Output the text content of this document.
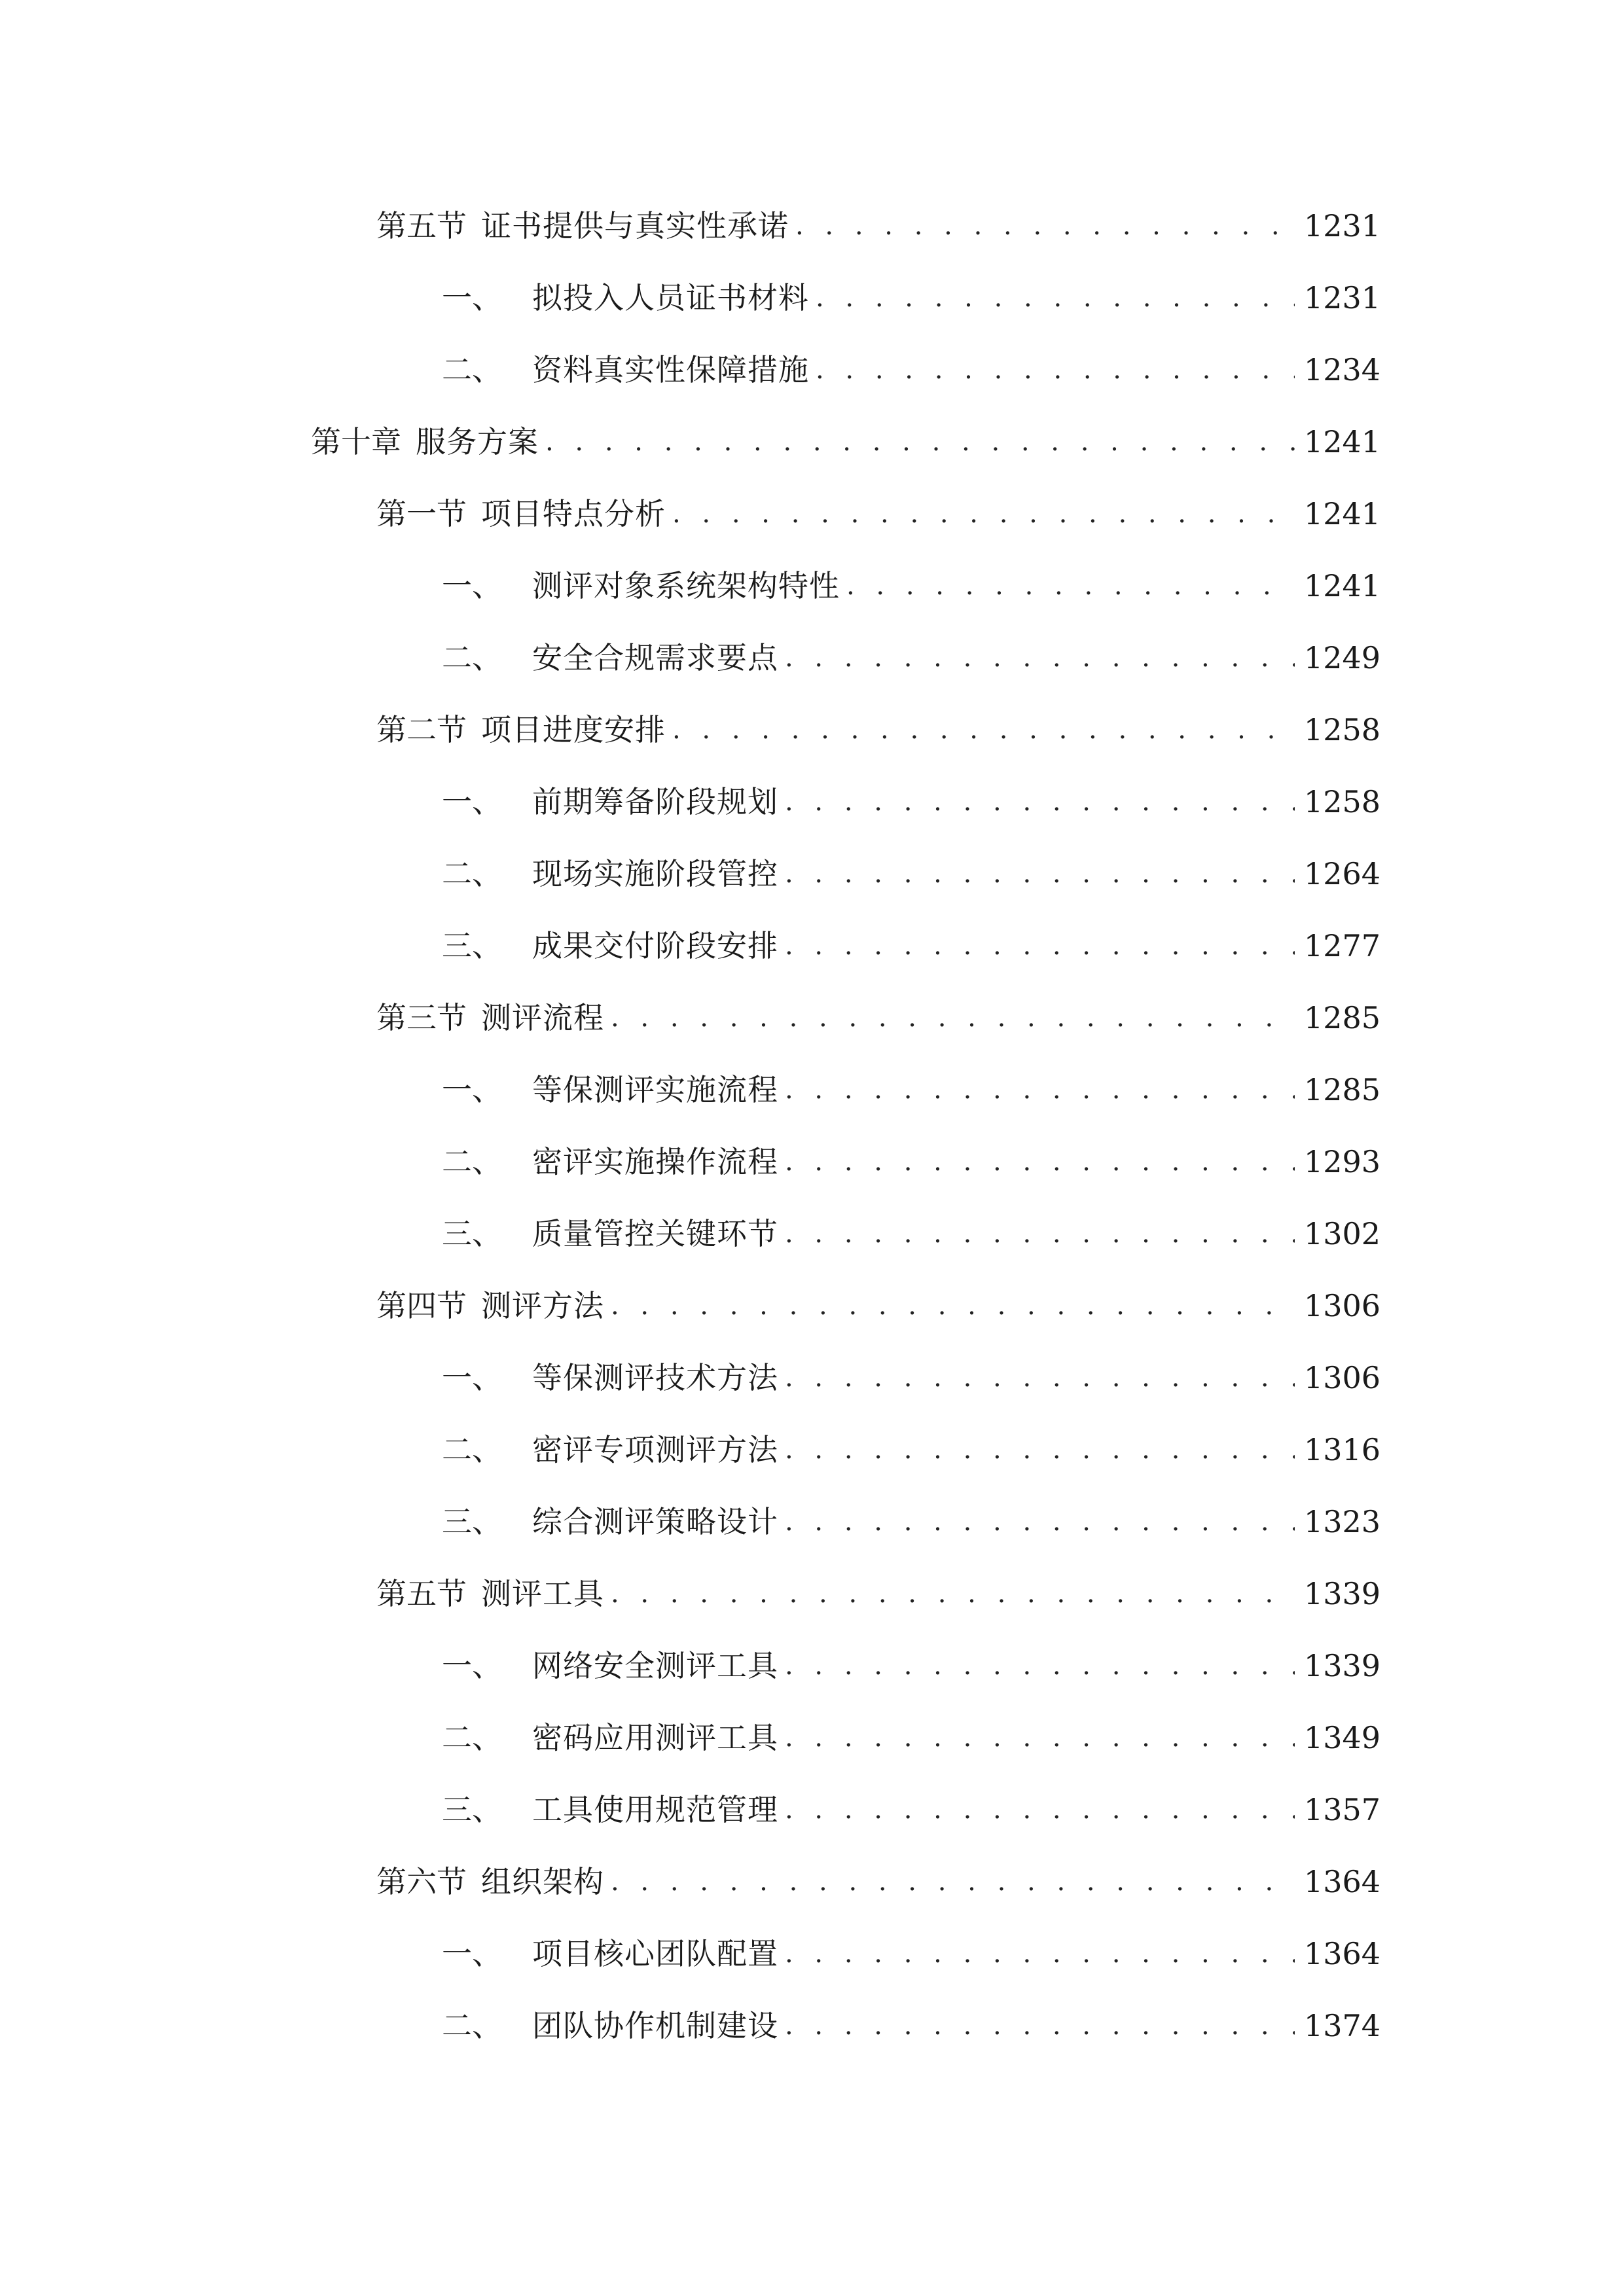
第五节 证书提供与真实性承诺 . . .	1231
一、 拟投入人员证书材料 . . .	1231
二、 资料真实性保障措施 . . .	1234
第十章 服务方案 . . .	1241
第一节 项目特点分析 . . .	1241
一、 测评对象系统架构特性 . . .	1241
二、 安全合规需求要点 . . .	1249
第二节 项目进度安排 . . .	1258
一、 前期筹备阶段规划 . . .	1258
二、 现场实施阶段管控 . . .	1264
三、 成果交付阶段安排 . . .	1277
第三节 测评流程 . . .	1285
一、 等保测评实施流程 . . .	1285
二、 密评实施操作流程 . . .	1293
三、 质量管控关键环节 . . .	1302
第四节 测评方法 . . .	1306
一、 等保测评技术方法 . . .	1306
二、 密评专项测评方法 . . .	1316
三、 综合测评策略设计 . . .	1323
第五节 测评工具 . . .	1339
一、 网络安全测评工具 . . .	1339
二、 密码应用测评工具 . . .	1349
三、 工具使用规范管理 . . .	1357
第六节 组织架构 . . .	1364
一、 项目核心团队配置 . . .	1364
二、 团队协作机制建设 . . .	1374
